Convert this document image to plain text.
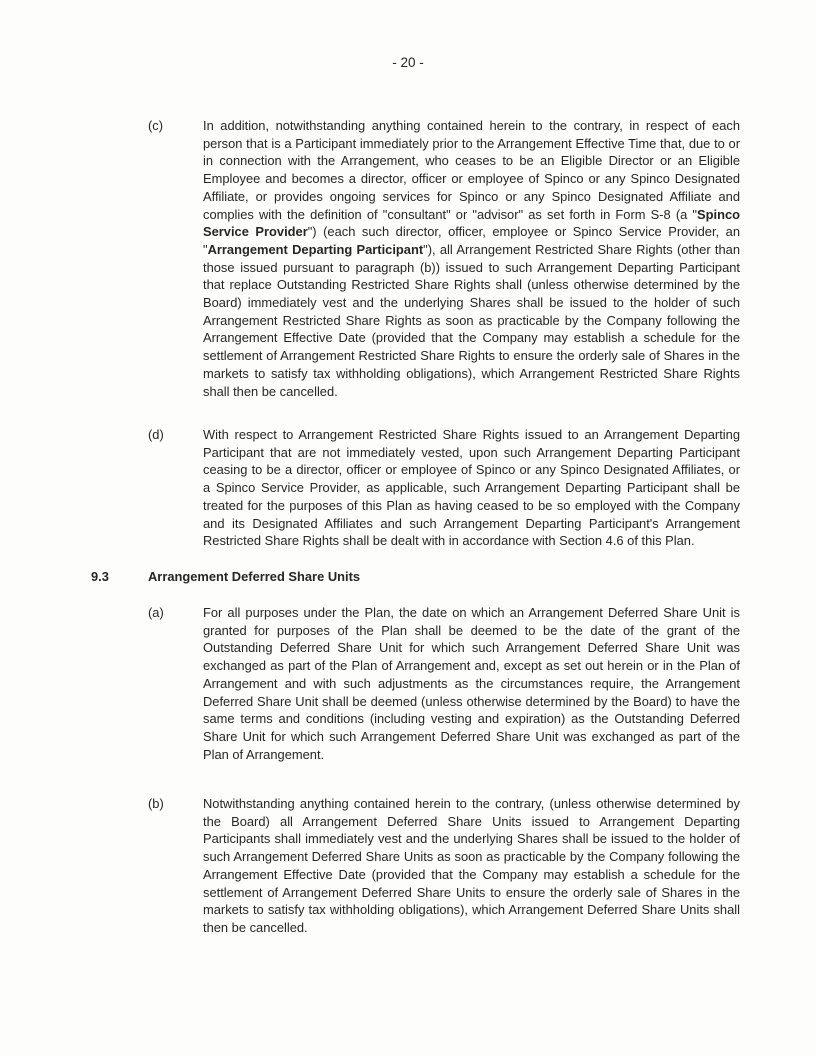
- 20 -
(c)	In addition, notwithstanding anything contained herein to the contrary, in respect of each person that is a Participant immediately prior to the Arrangement Effective Time that, due to or in connection with the Arrangement, who ceases to be an Eligible Director or an Eligible Employee and becomes a director, officer or employee of Spinco or any Spinco Designated Affiliate, or provides ongoing services for Spinco or any Spinco Designated Affiliate and complies with the definition of "consultant" or "advisor" as set forth in Form S-8 (a "Spinco Service Provider") (each such director, officer, employee or Spinco Service Provider, an "Arrangement Departing Participant"), all Arrangement Restricted Share Rights (other than those issued pursuant to paragraph (b)) issued to such Arrangement Departing Participant that replace Outstanding Restricted Share Rights shall (unless otherwise determined by the Board) immediately vest and the underlying Shares shall be issued to the holder of such Arrangement Restricted Share Rights as soon as practicable by the Company following the Arrangement Effective Date (provided that the Company may establish a schedule for the settlement of Arrangement Restricted Share Rights to ensure the orderly sale of Shares in the markets to satisfy tax withholding obligations), which Arrangement Restricted Share Rights shall then be cancelled.

(d)	With respect to Arrangement Restricted Share Rights issued to an Arrangement Departing Participant that are not immediately vested, upon such Arrangement Departing Participant ceasing to be a director, officer or employee of Spinco or any Spinco Designated Affiliates, or a Spinco Service Provider, as applicable, such Arrangement Departing Participant shall be treated for the purposes of this Plan as having ceased to be so employed with the Company and its Designated Affiliates and such Arrangement Departing Participant's Arrangement Restricted Share Rights shall be dealt with in accordance with Section 4.6 of this Plan.

9.3	Arrangement Deferred Share Units
(a)	For all purposes under the Plan, the date on which an Arrangement Deferred Share Unit is granted for purposes of the Plan shall be deemed to be the date of the grant of the Outstanding Deferred Share Unit for which such Arrangement Deferred Share Unit was exchanged as part of the Plan of Arrangement and, except as set out herein or in the Plan of Arrangement and with such adjustments as the circumstances require, the Arrangement Deferred Share Unit shall be deemed (unless otherwise determined by the Board) to have the same terms and conditions (including vesting and expiration) as the Outstanding Deferred Share Unit for which such Arrangement Deferred Share Unit was exchanged as part of the Plan of Arrangement.

(b)	Notwithstanding anything contained herein to the contrary, (unless otherwise determined by the Board) all Arrangement Deferred Share Units issued to Arrangement Departing Participants shall immediately vest and the underlying Shares shall be issued to the holder of such Arrangement Deferred Share Units as soon as practicable by the Company following the Arrangement Effective Date (provided that the Company may establish a schedule for the settlement of Arrangement Deferred Share Units to ensure the orderly sale of Shares in the markets to satisfy tax withholding obligations), which Arrangement Deferred Share Units shall then be cancelled.
